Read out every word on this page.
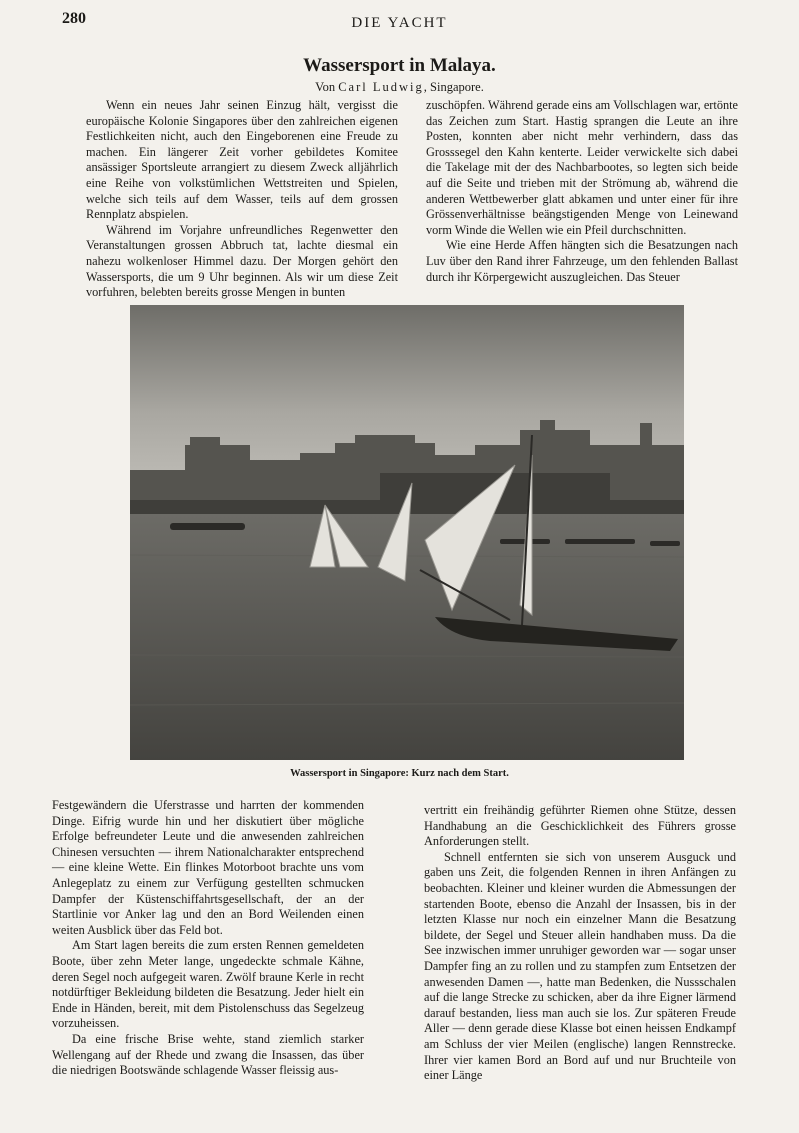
280	DIE YACHT
Wassersport in Malaya.
Von Carl Ludwig, Singapore.

Wenn ein neues Jahr seinen Einzug hält, vergisst die europäische Kolonie Singapores über den zahlreichen eigenen Festlichkeiten nicht, auch den Eingeborenen eine Freude zu machen. Ein längerer Zeit vorher gebildetes Komitee ansässiger Sportsleute arrangiert zu diesem Zweck alljährlich eine Reihe von volkstümlichen Wettstreiten und Spielen, welche sich teils auf dem Wasser, teils auf dem grossen Rennplatz abspielen.

Während im Vorjahre unfreundliches Regenwetter den Veranstaltungen grossen Abbruch tat, lachte diesmal ein nahezu wolkenloser Himmel dazu. Der Morgen gehört den Wassersports, die um 9 Uhr beginnen. Als wir um diese Zeit vorfuhren, belebten bereits grosse Mengen in bunten

zuschöpfen. Während gerade eins am Vollschlagen war, ertönte das Zeichen zum Start. Hastig sprangen die Leute an ihre Posten, konnten aber nicht mehr verhindern, dass das Grosssegel den Kahn kenterte. Leider verwickelte sich dabei die Takelage mit der des Nachbarbootes, so legten sich beide auf die Seite und trieben mit der Strömung ab, während die anderen Wettbewerber glatt abkamen und unter einer für ihre Grössenverhältnisse beängstigenden Menge von Leinewand vorm Winde die Wellen wie ein Pfeil durchschnitten.

Wie eine Herde Affen hängten sich die Besatzungen nach Luv über den Rand ihrer Fahrzeuge, um den fehlenden Ballast durch ihr Körpergewicht auszugleichen. Das Steuer

Wassersport in Singapore: Kurz nach dem Start.

Festgewändern die Uferstrasse und harrten der kommenden Dinge. Eifrig wurde hin und her diskutiert über mögliche Erfolge befreundeter Leute und die anwesenden zahlreichen Chinesen versuchten — ihrem Nationalcharakter entsprechend — eine kleine Wette. Ein flinkes Motorboot brachte uns vom Anlegeplatz zu einem zur Verfügung gestellten schmucken Dampfer der Küstenschiffahrtsgesellschaft, der an der Startlinie vor Anker lag und den an Bord Weilenden einen weiten Ausblick über das Feld bot.

Am Start lagen bereits die zum ersten Rennen gemeldeten Boote, über zehn Meter lange, ungedeckte schmale Kähne, deren Segel noch aufgegeit waren. Zwölf braune Kerle in recht notdürftiger Bekleidung bildeten die Besatzung. Jeder hielt ein Ende in Händen, bereit, mit dem Pistolenschuss das Segelzeug vorzuheissen.

Da eine frische Brise wehte, stand ziemlich starker Wellengang auf der Rhede und zwang die Insassen, das über die niedrigen Bootswände schlagende Wasser fleissig aus-

vertritt ein freihändig geführter Riemen ohne Stütze, dessen Handhabung an die Geschicklichkeit des Führers grosse Anforderungen stellt.

Schnell entfernten sie sich von unserem Ausguck und gaben uns Zeit, die folgenden Rennen in ihren Anfängen zu beobachten. Kleiner und kleiner wurden die Abmessungen der startenden Boote, ebenso die Anzahl der Insassen, bis in der letzten Klasse nur noch ein einzelner Mann die Besatzung bildete, der Segel und Steuer allein handhaben muss. Da die See inzwischen immer unruhiger geworden war — sogar unser Dampfer fing an zu rollen und zu stampfen zum Entsetzen der anwesenden Damen —, hatte man Bedenken, die Nussschalen auf die lange Strecke zu schicken, aber da ihre Eigner lärmend darauf bestanden, liess man auch sie los. Zur späteren Freude Aller — denn gerade diese Klasse bot einen heissen Endkampf am Schluss der vier Meilen (englische) langen Rennstrecke. Ihrer vier kamen Bord an Bord auf und nur Bruchteile von einer Länge
